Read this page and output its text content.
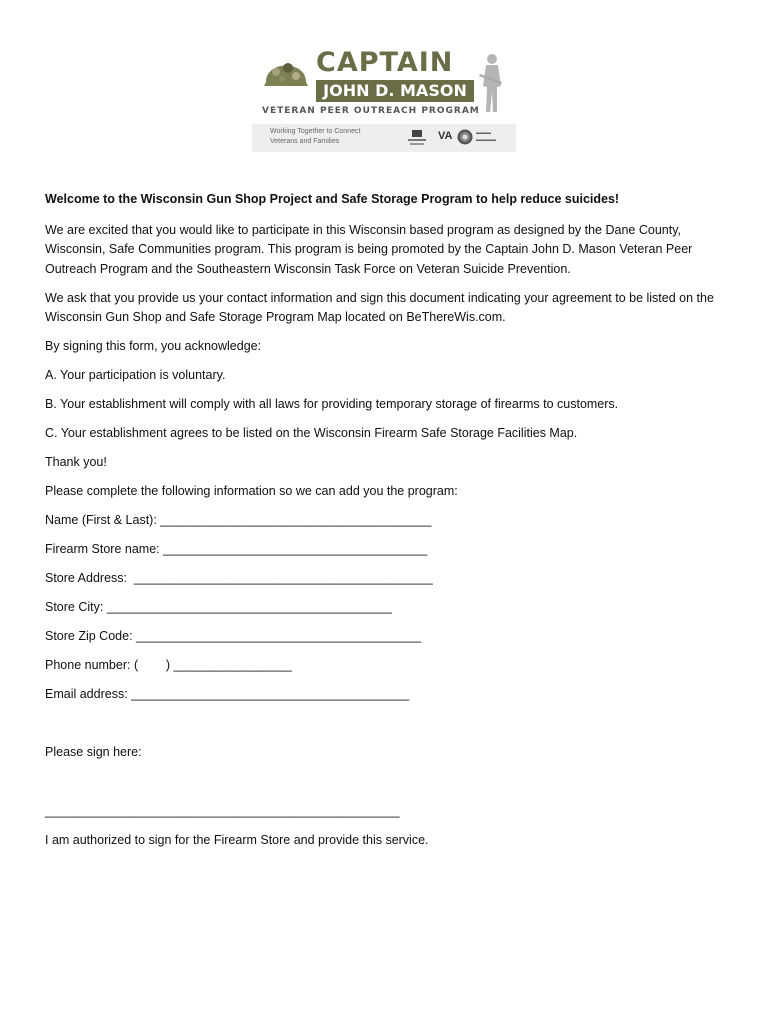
CAPTAIN
JOHN D. MASON
VETERAN PEER OUTREACH PROGRAM
Working Together to Connect
Veterans and Families	VA	▬▬▬
▬▬▬▬

Welcome to the Wisconsin Gun Shop Project and Safe Storage Program to help reduce suicides!

We are excited that you would like to participate in this Wisconsin based program as designed by the Dane County, Wisconsin, Safe Communities program. This program is being promoted by the Captain John D. Mason Veteran Peer Outreach Program and the Southeastern Wisconsin Task Force on Veteran Suicide Prevention.

We ask that you provide us your contact information and sign this document indicating your agreement to be listed on the Wisconsin Gun Shop and Safe Storage Program Map located on BeThereWis.com.

By signing this form, you acknowledge:

A. Your participation is voluntary.

B. Your establishment will comply with all laws for providing temporary storage of firearms to customers.

C. Your establishment agrees to be listed on the Wisconsin Firearm Safe Storage Facilities Map.

Thank you!

Please complete the following information so we can add you the program:

Name (First & Last): _______________________________________

Firearm Store name: ______________________________________

Store Address:  ___________________________________________

Store City: _________________________________________

Store Zip Code: _________________________________________

Phone number: (        ) _________________

Email address: ________________________________________

Please sign here:

___________________________________________________

I am authorized to sign for the Firearm Store and provide this service.
